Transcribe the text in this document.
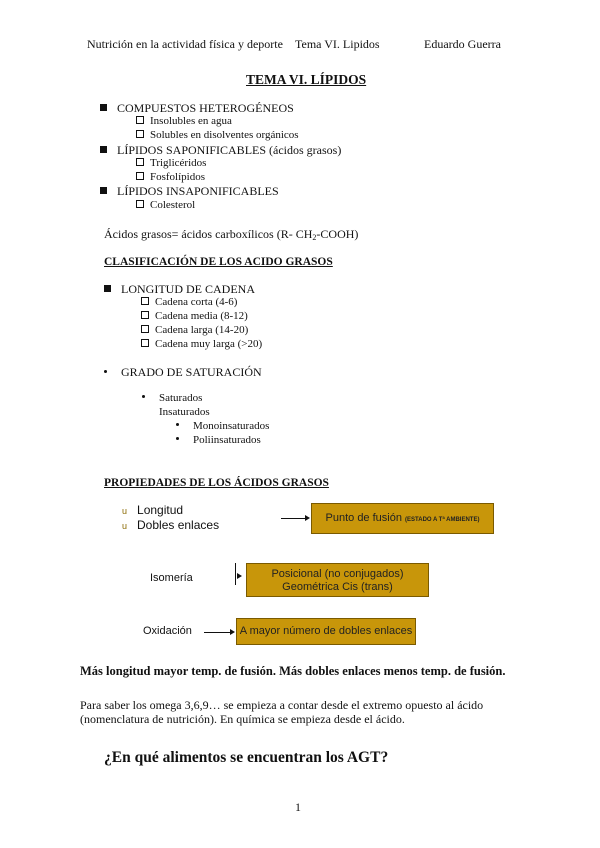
Nutrición en la actividad física y deporte Tema VI. Lipidos	Eduardo Guerra
TEMA VI. LÍPIDOS
COMPUESTOS HETEROGÉNEOS
Insolubles en agua
Solubles en disolventes orgánicos
LÍPIDOS SAPONIFICABLES (ácidos grasos)
Triglicéridos
Fosfolípidos
LÍPIDOS INSAPONIFICABLES
Colesterol
Ácidos grasos= ácidos carboxílicos (R- $CH_2-COOH$)
CLASIFICACIÓN DE LOS ACIDO GRASOS
LONGITUD DE CADENA
Cadena corta (4-6)
Cadena media (8-12)
Cadena larga (14-20)
Cadena muy larga (>20)
GRADO DE SATURACIÓN
Saturados
Insaturados
Monoinsaturados
Poliinsaturados
PROPIEDADES DE LOS ÁCIDOS GRASOS
u Longitud
u Dobles enlaces	Punto de fusión (ESTADO A Tª AMBIENTE)
Isomería	Posicional (no conjugados)
Geométrica Cis (trans)
Oxidación	A mayor número de dobles enlaces
Más longitud mayor temp. de fusión. Más dobles enlaces menos temp. de fusión.
Para saber los omega 3,6,9… se empieza a contar desde el extremo opuesto al ácido
(nomenclatura de nutrición). En química se empieza desde el ácido.
¿En qué alimentos se encuentran los AGT?
1
